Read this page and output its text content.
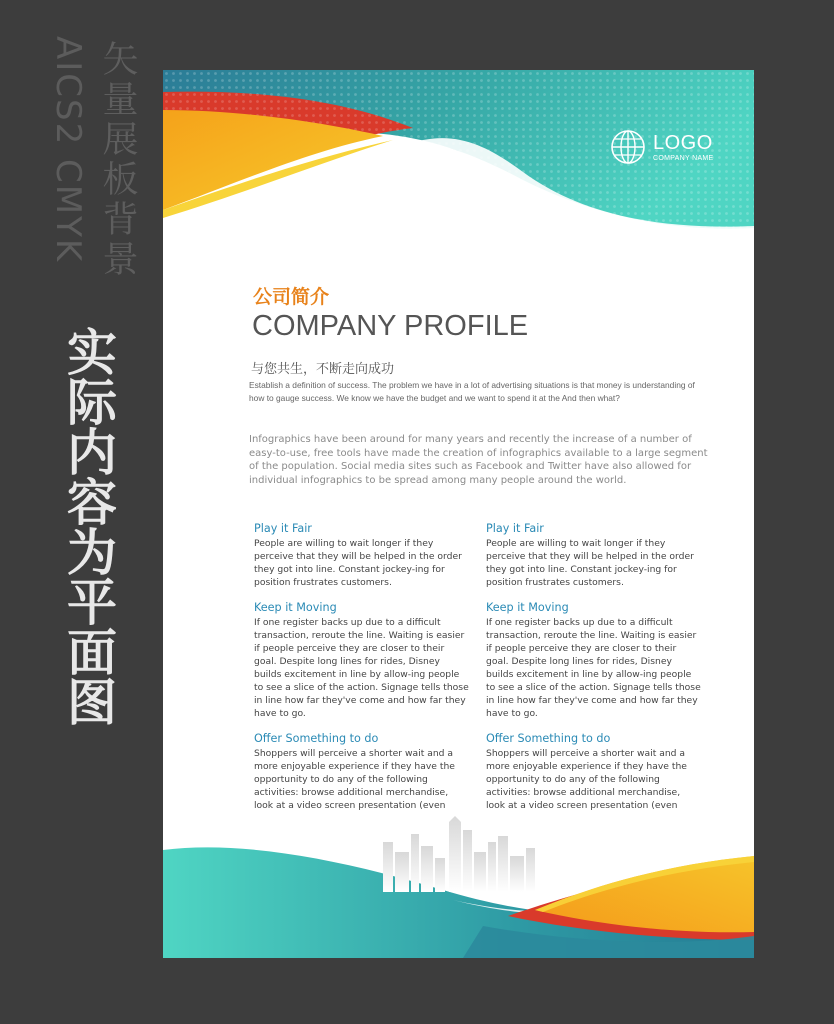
AICS2 CMYK 矢量展板背景
实际内容为平面图
LOGO
COMPANY NAME
公司简介
COMPANY PROFILE
与您共生，不断走向成功
Establish a definition of success. The problem we have in a lot of advertising situations is that money is understanding of how to gauge success. We know we have the budget and we want to spend it at the And then what?
Infographics have been around for many years and recently the increase of a number of easy-to-use, free tools have made the creation of infographics available to a large segment of the population. Social media sites such as Facebook and Twitter have also allowed for individual infographics to be spread among many people around the world.
Play it Fair
People are willing to wait longer if they perceive that they will be helped in the order they got into line. Constant jockey-ing for position frustrates customers.
Keep it Moving
If one register backs up due to a difficult transaction, reroute the line. Waiting is easier if people perceive they are closer to their goal. Despite long lines for rides, Disney builds excitement in line by allow-ing people to see a slice of the action. Signage tells those in line how far they've come and how far they have to go.
Offer Something to do
Shoppers will perceive a shorter wait and a more enjoyable experience if they have the opportunity to do any of the following activities: browse additional merchandise, look at a video screen presentation (even
Play it Fair
People are willing to wait longer if they perceive that they will be helped in the order they got into line. Constant jockey-ing for position frustrates customers.
Keep it Moving
If one register backs up due to a difficult transaction, reroute the line. Waiting is easier if people perceive they are closer to their goal. Despite long lines for rides, Disney builds excitement in line by allow-ing people to see a slice of the action. Signage tells those in line how far they've come and how far they have to go.
Offer Something to do
Shoppers will perceive a shorter wait and a more enjoyable experience if they have the opportunity to do any of the following activities: browse additional merchandise, look at a video screen presentation (even
